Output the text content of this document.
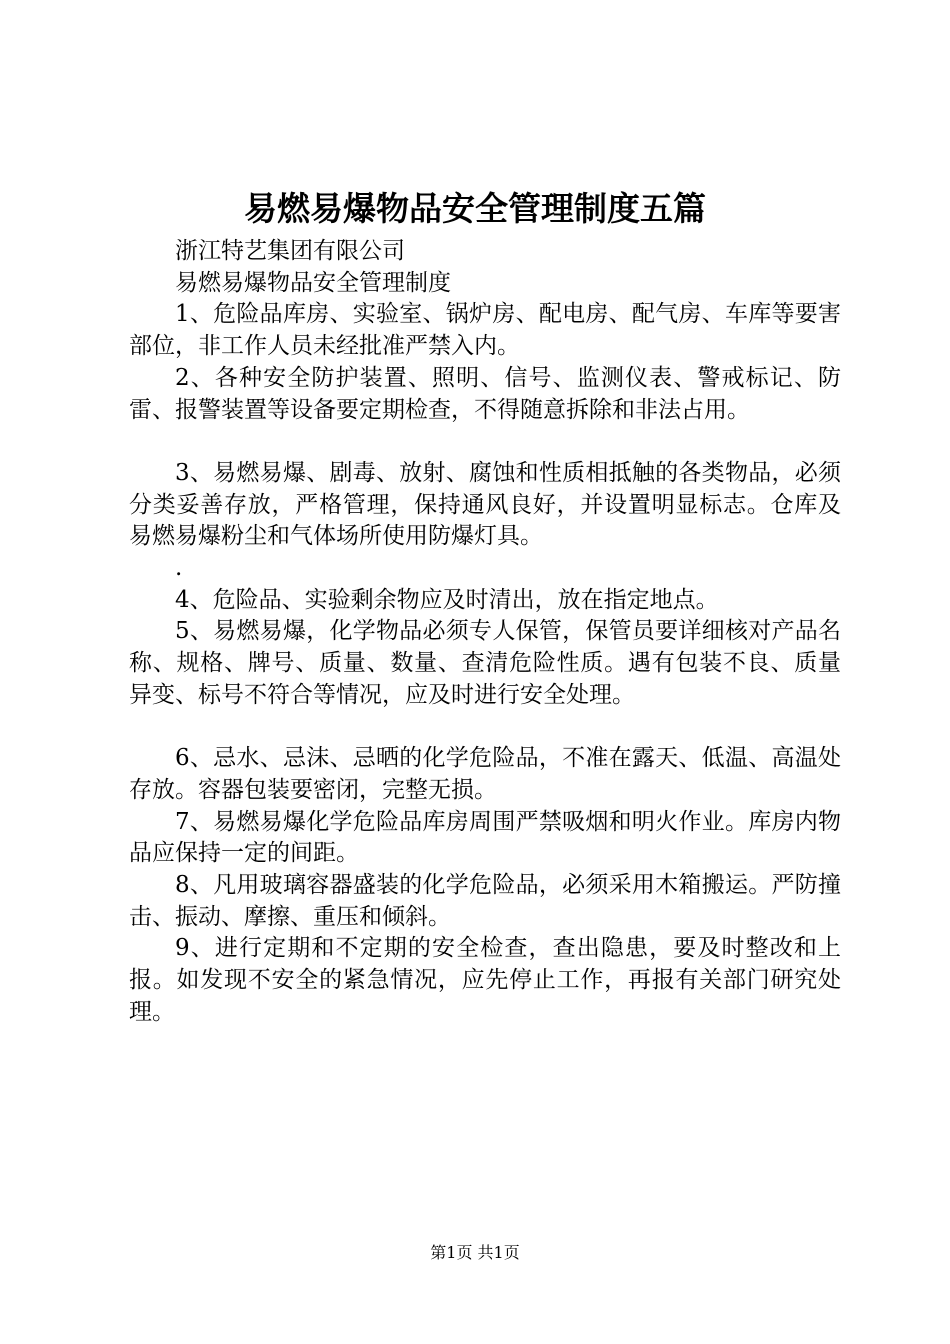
易燃易爆物品安全管理制度五篇

浙江特艺集团有限公司

易燃易爆物品安全管理制度

1、危险品库房、实验室、锅炉房、配电房、配气房、车库等要害部位，非工作人员未经批准严禁入内。

2、各种安全防护装置、照明、信号、监测仪表、警戒标记、防雷、报警装置等设备要定期检查，不得随意拆除和非法占用。

3、易燃易爆、剧毒、放射、腐蚀和性质相抵触的各类物品，必须分类妥善存放，严格管理，保持通风良好，并设置明显标志。仓库及易燃易爆粉尘和气体场所使用防爆灯具。

.

4、危险品、实验剩余物应及时清出，放在指定地点。

5、易燃易爆，化学物品必须专人保管，保管员要详细核对产品名称、规格、牌号、质量、数量、查清危险性质。遇有包装不良、质量异变、标号不符合等情况，应及时进行安全处理。

6、忌水、忌沫、忌晒的化学危险品，不准在露天、低温、高温处存放。容器包装要密闭，完整无损。

7、易燃易爆化学危险品库房周围严禁吸烟和明火作业。库房内物品应保持一定的间距。

8、凡用玻璃容器盛装的化学危险品，必须采用木箱搬运。严防撞击、振动、摩擦、重压和倾斜。

9、进行定期和不定期的安全检查，查出隐患，要及时整改和上报。如发现不安全的紧急情况，应先停止工作，再报有关部门研究处理。

第1页 共1页
